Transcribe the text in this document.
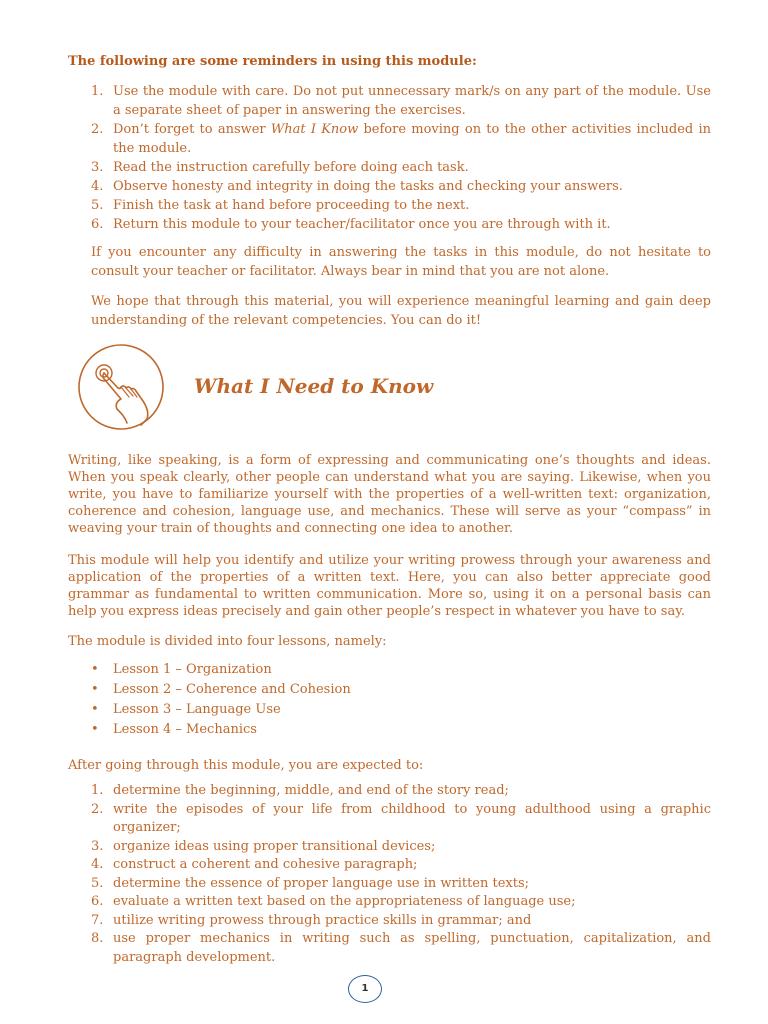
The following are some reminders in using this module:
1. Use the module with care. Do not put unnecessary mark/s on any part of the module. Use a separate sheet of paper in answering the exercises.
2. Don’t forget to answer What I Know before moving on to the other activities included in the module.
3. Read the instruction carefully before doing each task.
4. Observe honesty and integrity in doing the tasks and checking your answers.
5. Finish the task at hand before proceeding to the next.
6. Return this module to your teacher/facilitator once you are through with it.

If you encounter any difficulty in answering the tasks in this module, do not hesitate to consult your teacher or facilitator. Always bear in mind that you are not alone.

We hope that through this material, you will experience meaningful learning and gain deep understanding of the relevant competencies. You can do it!

What I Need to Know

Writing, like speaking, is a form of expressing and communicating one’s thoughts and ideas. When you speak clearly, other people can understand what you are saying. Likewise, when you write, you have to familiarize yourself with the properties of a well-written text: organization, coherence and cohesion, language use, and mechanics. These will serve as your “compass” in weaving your train of thoughts and connecting one idea to another.

This module will help you identify and utilize your writing prowess through your awareness and application of the properties of a written text. Here, you can also better appreciate good grammar as fundamental to written communication. More so, using it on a personal basis can help you express ideas precisely and gain other people’s respect in whatever you have to say.

The module is divided into four lessons, namely:

• Lesson 1 – Organization
• Lesson 2 – Coherence and Cohesion
• Lesson 3 – Language Use
• Lesson 4 – Mechanics

After going through this module, you are expected to:

1. determine the beginning, middle, and end of the story read;
2. write the episodes of your life from childhood to young adulthood using a graphic organizer;
3. organize ideas using proper transitional devices;
4. construct a coherent and cohesive paragraph;
5. determine the essence of proper language use in written texts;
6. evaluate a written text based on the appropriateness of language use;
7. utilize writing prowess through practice skills in grammar; and
8. use proper mechanics in writing such as spelling, punctuation, capitalization, and paragraph development.
1
